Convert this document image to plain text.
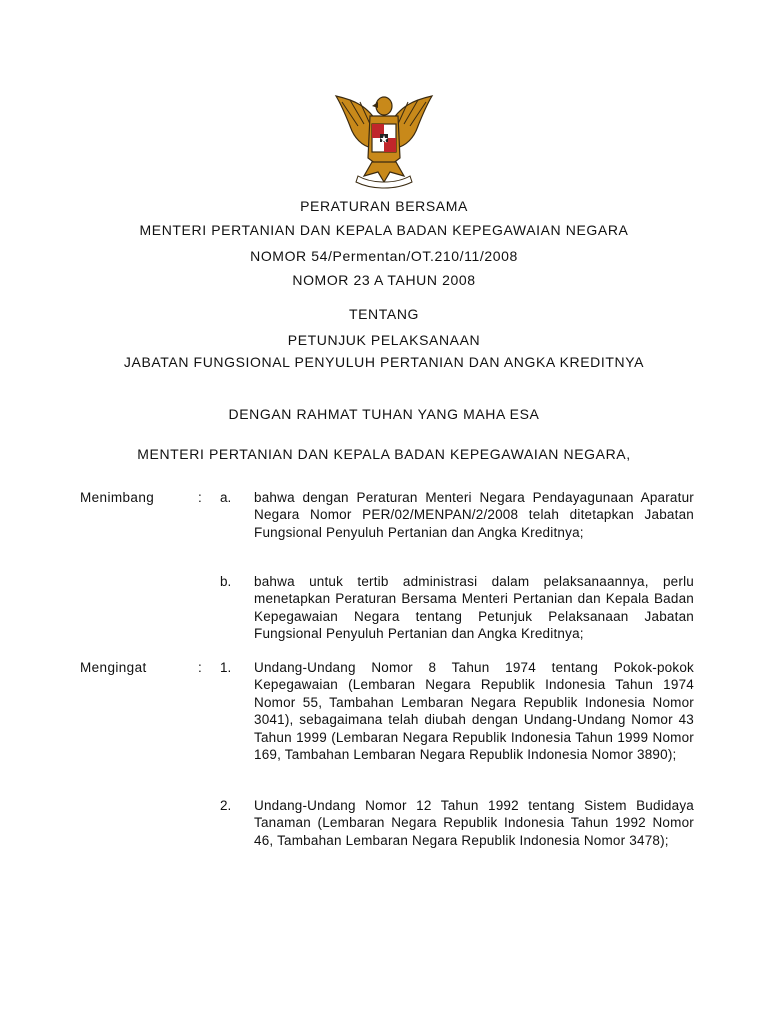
PERATURAN BERSAMA
MENTERI PERTANIAN DAN KEPALA BADAN KEPEGAWAIAN NEGARA
NOMOR 54/Permentan/OT.210/11/2008
NOMOR 23 A TAHUN 2008
TENTANG
PETUNJUK PELAKSANAAN
JABATAN FUNGSIONAL PENYULUH PERTANIAN DAN ANGKA KREDITNYA
DENGAN RAHMAT TUHAN YANG MAHA ESA
MENTERI PERTANIAN DAN KEPALA BADAN KEPEGAWAIAN NEGARA,
Menimbang	: a. bahwa dengan Peraturan Menteri Negara Pendayagunaan Aparatur Negara Nomor PER/02/MENPAN/2/2008 telah ditetapkan Jabatan Fungsional Penyuluh Pertanian dan Angka Kreditnya;
b. bahwa untuk tertib administrasi dalam pelaksanaannya, perlu menetapkan Peraturan Bersama Menteri Pertanian dan Kepala Badan Kepegawaian Negara tentang Petunjuk Pelaksanaan Jabatan Fungsional Penyuluh Pertanian dan Angka Kreditnya;
Mengingat	: 1. Undang-Undang Nomor 8 Tahun 1974 tentang Pokok-pokok Kepegawaian (Lembaran Negara Republik Indonesia Tahun 1974 Nomor 55, Tambahan Lembaran Negara Republik Indonesia Nomor 3041), sebagaimana telah diubah dengan Undang-Undang Nomor 43 Tahun 1999 (Lembaran Negara Republik Indonesia Tahun 1999 Nomor 169, Tambahan Lembaran Negara Republik Indonesia Nomor 3890);
2. Undang-Undang Nomor 12 Tahun 1992 tentang Sistem Budidaya Tanaman (Lembaran Negara Republik Indonesia Tahun 1992 Nomor 46, Tambahan Lembaran Negara Republik Indonesia Nomor 3478);
